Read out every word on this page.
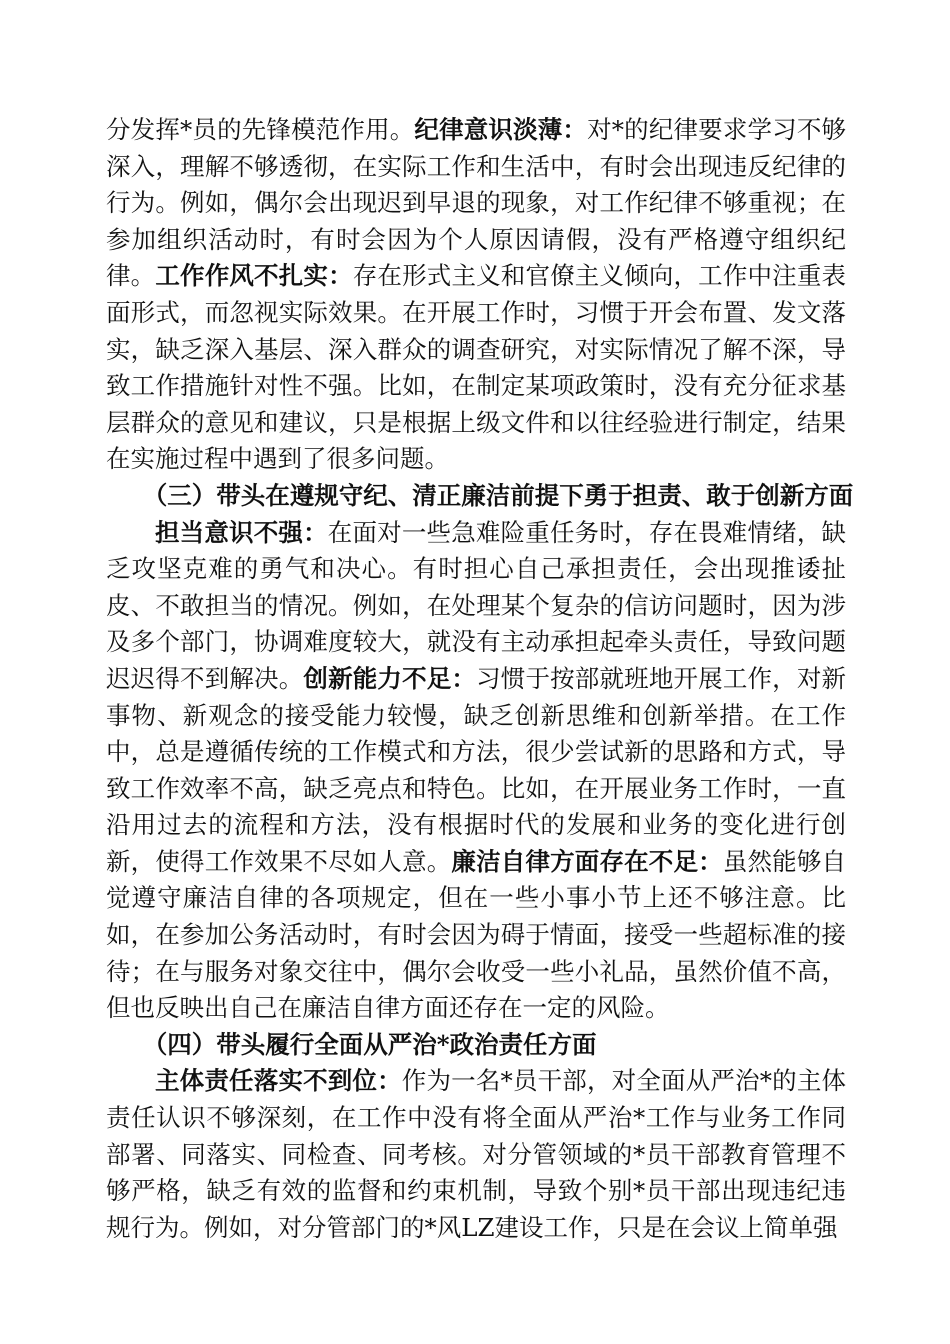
分发挥*员的先锋模范作用。纪律意识淡薄：对*的纪律要求学习不够深入，理解不够透彻，在实际工作和生活中，有时会出现违反纪律的行为。例如，偶尔会出现迟到早退的现象，对工作纪律不够重视；在参加组织活动时，有时会因为个人原因请假，没有严格遵守组织纪律。工作作风不扎实：存在形式主义和官僚主义倾向，工作中注重表面形式，而忽视实际效果。在开展工作时，习惯于开会布置、发文落实，缺乏深入基层、深入群众的调查研究，对实际情况了解不深，导致工作措施针对性不强。比如，在制定某项政策时，没有充分征求基层群众的意见和建议，只是根据上级文件和以往经验进行制定，结果在实施过程中遇到了很多问题。

（三）带头在遵规守纪、清正廉洁前提下勇于担责、敢于创新方面

担当意识不强：在面对一些急难险重任务时，存在畏难情绪，缺乏攻坚克难的勇气和决心。有时担心自己承担责任，会出现推诿扯皮、不敢担当的情况。例如，在处理某个复杂的信访问题时，因为涉及多个部门，协调难度较大，就没有主动承担起牵头责任，导致问题迟迟得不到解决。创新能力不足：习惯于按部就班地开展工作，对新事物、新观念的接受能力较慢，缺乏创新思维和创新举措。在工作中，总是遵循传统的工作模式和方法，很少尝试新的思路和方式，导致工作效率不高，缺乏亮点和特色。比如，在开展业务工作时，一直沿用过去的流程和方法，没有根据时代的发展和业务的变化进行创新，使得工作效果不尽如人意。廉洁自律方面存在不足：虽然能够自觉遵守廉洁自律的各项规定，但在一些小事小节上还不够注意。比如，在参加公务活动时，有时会因为碍于情面，接受一些超标准的接待；在与服务对象交往中，偶尔会收受一些小礼品，虽然价值不高，但也反映出自己在廉洁自律方面还存在一定的风险。

（四）带头履行全面从严治*政治责任方面

主体责任落实不到位：作为一名*员干部，对全面从严治*的主体责任认识不够深刻，在工作中没有将全面从严治*工作与业务工作同部署、同落实、同检查、同考核。对分管领域的*员干部教育管理不够严格，缺乏有效的监督和约束机制，导致个别*员干部出现违纪违规行为。例如，对分管部门的*风LZ建设工作，只是在会议上简单强
